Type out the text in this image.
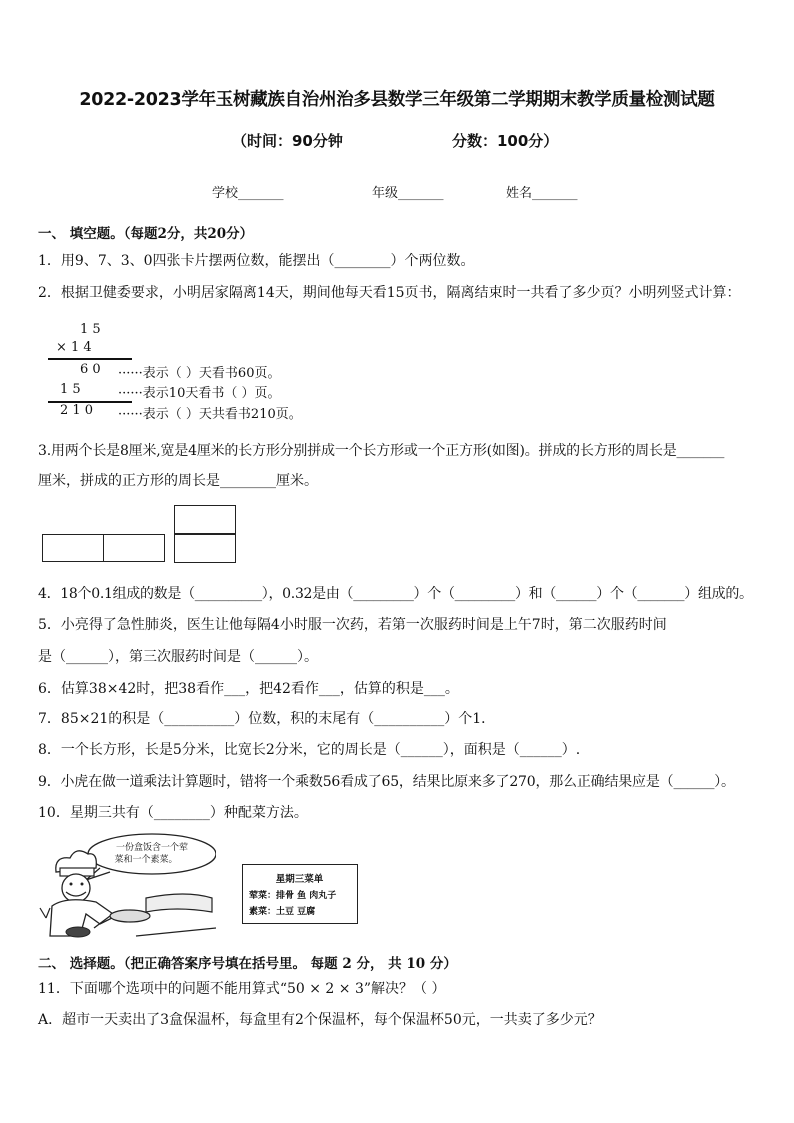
2022-2023学年玉树藏族自治州治多县数学三年级第二学期期末教学质量检测试题
（时间：90分钟	分数：100分）
学校_______	年级_______	姓名_______
一、 填空题。（每题2分，共20分）
1．用9、7、3、0四张卡片摆两位数，能摆出（________）个两位数。
2．根据卫健委要求，小明居家隔离14天，期间他每天看15页书，隔离结束时一共看了多少页？小明列竖式计算：
1 5
× 1 4
6 0 ······表示（ ）天看书60页。
1 5	······表示10天看书（ ）页。
2 1 0 ······表示（ ）天共看书210页。
3.用两个长是8厘米,宽是4厘米的长方形分别拼成一个长方形或一个正方形(如图)。拼成的长方形的周长是_______
厘米，拼成的正方形的周长是________厘米。
4．18个0.1组成的数是（__________），0.32是由（_________）个（_________）和（______）个（_______）组成的。
5．小亮得了急性肺炎，医生让他每隔4小时服一次药，若第一次服药时间是上午7时，第二次服药时间
是（______），第三次服药时间是（______）。
6．估算38×42时，把38看作___，把42看作___，估算的积是___。
7．85×21的积是（__________）位数，积的末尾有（__________）个1．
8．一个长方形，长是5分米，比宽长2分米，它的周长是（______），面积是（______）.
9．小虎在做一道乘法计算题时，错将一个乘数56看成了65，结果比原来多了270，那么正确结果应是（______）。
10．星期三共有（________）种配菜方法。
一份盒饭含一个荤
菜和一个素菜。
星期三菜单
荤菜：排骨 鱼 肉丸子
素菜：土豆 豆腐
二、 选择题。（把正确答案序号填在括号里。 每题 2 分， 共 10 分）
11．下面哪个选项中的问题不能用算式“50 × 2 × 3”解决？（ ）
A．超市一天卖出了3盒保温杯，每盒里有2个保温杯，每个保温杯50元，一共卖了多少元？
